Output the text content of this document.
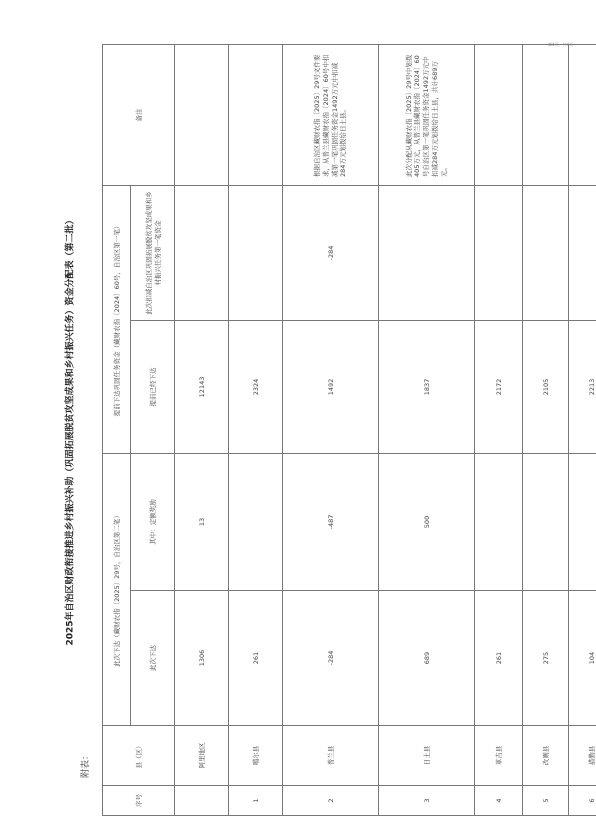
第4页，共4页
附表：
2025年自治区财政衔接推进乡村振兴补助（巩固拓展脱贫攻坚成果和乡村振兴任务）资金分配表（第二批）
序号	县（区）	此次下达（藏财农指〔2025〕29号，自治区第二笔）		提前下达巩固任务资金（藏财农指〔2024〕60号，自治区第一笔）		备注
		此次下达	其中：定额奖励	提前已经下达	此次扣减自治区巩固拓展脱贫攻坚成果和乡村振兴任务第一笔资金	
	阿里地区	1306	13	12143		
1	噶尔县	261		2324		
2	普兰县	-284	-487	1492	-284	根据自治区藏财农指〔2025〕29号文件要求，从普兰县藏财农指〔2024〕60号中扣减第一笔巩固任务资金1492万元中扣减284万元划拨给日土县。
3	日土县	689	500	1837		此次分配从藏财农指〔2025〕29号中划拨405万元，从普兰县藏财农指〔2024〕60号自治区第一笔巩固任务资金1492万元中扣减284万元划拨给日土县，共计689万元。
4	革吉县	261		2172		
5	改则县	275		2105		
6	措勤县	104		2213		
